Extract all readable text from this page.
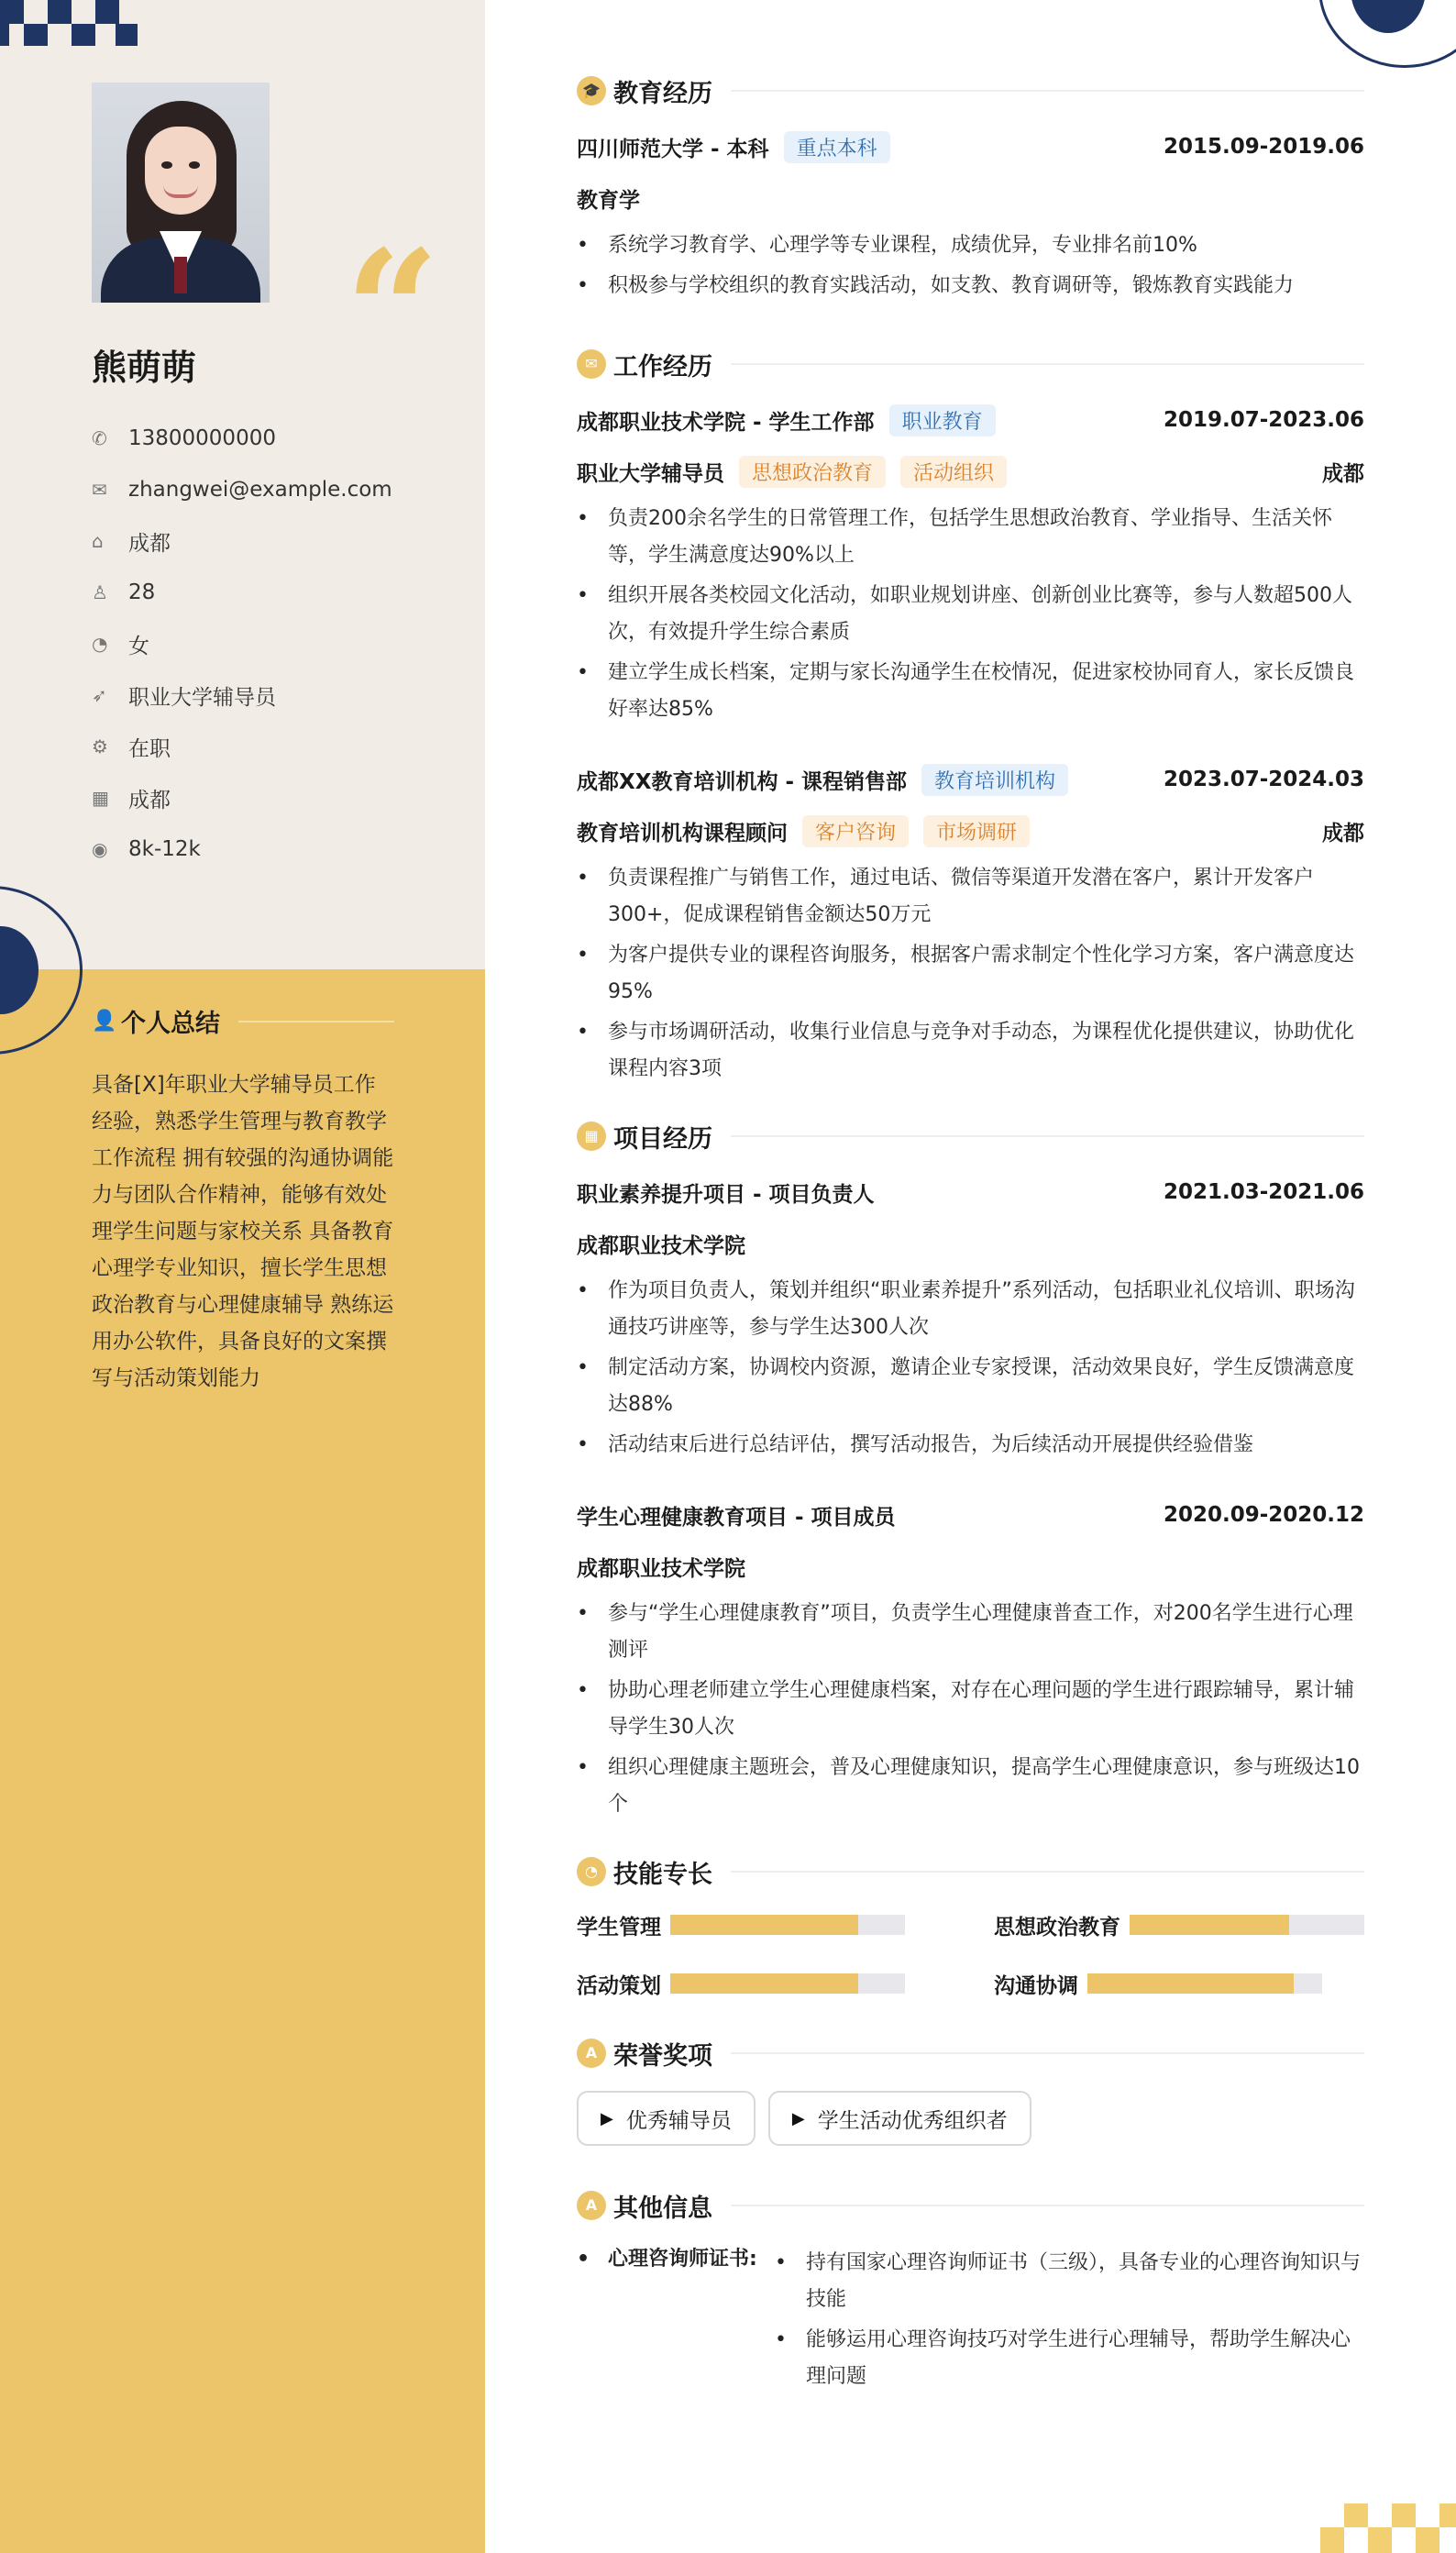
“
熊萌萌
✆	13800000000
✉	zhangwei@example.com
⌂	成都
♙ 28
◔ 女
➶	职业大学辅导员
⚙ 在职
▦ 成都
◉ 8k-12k
👤 个人总结
具备[X]年职业大学辅导员工作经验，熟悉学生管理与教育教学工作流程 拥有较强的沟通协调能力与团队合作精神，能够有效处理学生问题与家校关系 具备教育心理学专业知识，擅长学生思想政治教育与心理健康辅导 熟练运用办公软件，具备良好的文案撰写与活动策划能力
🎓 教育经历
四川师范大学 - 本科	重点本科	2015.09-2019.06
教育学
• 系统学习教育学、心理学等专业课程，成绩优异，专业排名前10%
• 积极参与学校组织的教育实践活动，如支教、教育调研等，锻炼教育实践能力
✉ 工作经历
成都职业技术学院 - 学生工作部	职业教育	2019.07-2023.06
职业大学辅导员	思想政治教育	活动组织	成都
• 负责200余名学生的日常管理工作，包括学生思想政治教育、学业指导、生活关怀等，学生满意度达90%以上
• 组织开展各类校园文化活动，如职业规划讲座、创新创业比赛等，参与人数超500人次，有效提升学生综合素质
• 建立学生成长档案，定期与家长沟通学生在校情况，促进家校协同育人，家长反馈良好率达85%
成都XX教育培训机构 - 课程销售部	教育培训机构	2023.07-2024.03
教育培训机构课程顾问	客户咨询	市场调研	成都
• 负责课程推广与销售工作，通过电话、微信等渠道开发潜在客户，累计开发客户300+，促成课程销售金额达50万元
• 为客户提供专业的课程咨询服务，根据客户需求制定个性化学习方案，客户满意度达95%
• 参与市场调研活动，收集行业信息与竞争对手动态，为课程优化提供建议，协助优化课程内容3项
▦ 项目经历
职业素养提升项目 - 项目负责人	2021.03-2021.06
成都职业技术学院
• 作为项目负责人，策划并组织“职业素养提升”系列活动，包括职业礼仪培训、职场沟通技巧讲座等，参与学生达300人次
• 制定活动方案，协调校内资源，邀请企业专家授课，活动效果良好，学生反馈满意度达88%
• 活动结束后进行总结评估，撰写活动报告，为后续活动开展提供经验借鉴
学生心理健康教育项目 - 项目成员	2020.09-2020.12
成都职业技术学院
• 参与“学生心理健康教育”项目，负责学生心理健康普查工作，对200名学生进行心理测评
• 协助心理老师建立学生心理健康档案，对存在心理问题的学生进行跟踪辅导，累计辅导学生30人次
• 组织心理健康主题班会，普及心理健康知识，提高学生心理健康意识，参与班级达10个
◔ 技能专长
学生管理	思想政治教育
活动策划	沟通协调
A 荣誉奖项
▶ 优秀辅导员	▶ 学生活动优秀组织者
A 其他信息
• 心理咨询师证书:
•	持有国家心理咨询师证书（三级），具备专业的心理咨询知识与技能
• 能够运用心理咨询技巧对学生进行心理辅导，帮助学生解决心理问题
